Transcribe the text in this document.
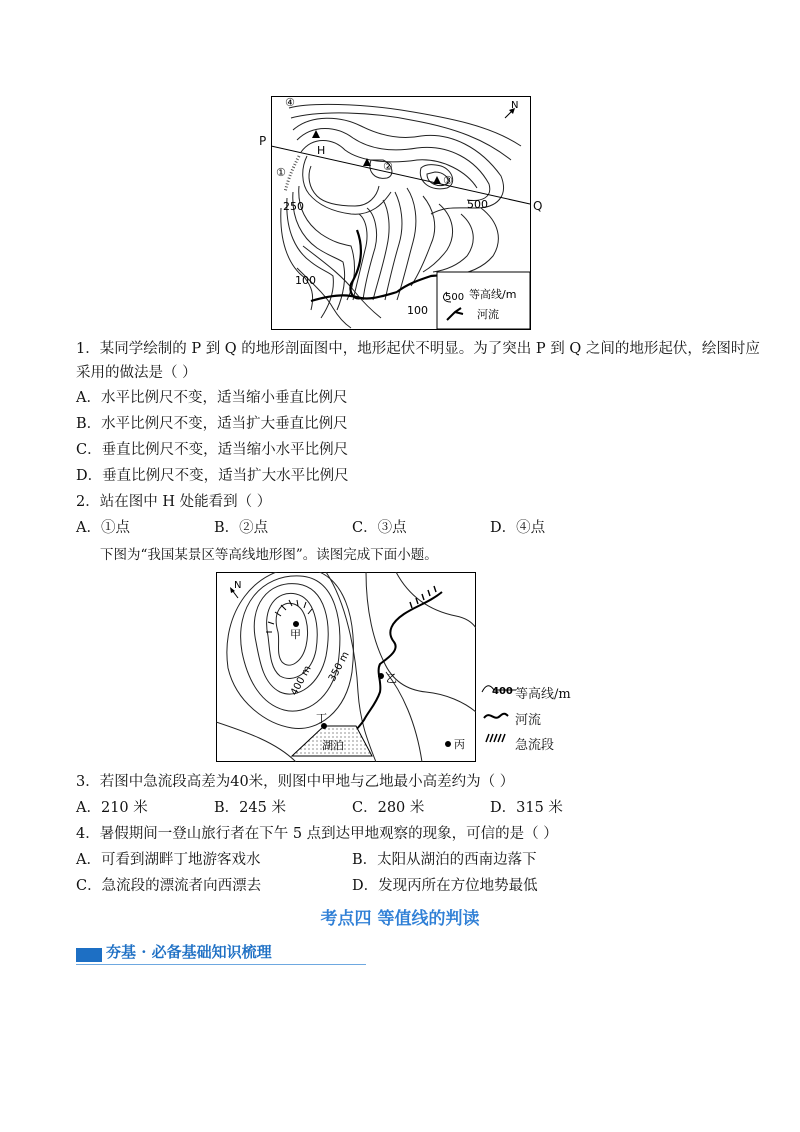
④
①	②
③
H
N
250	500
100
100
500 等高线/m
河流
P
Q
1．某同学绘制的 P 到 Q 的地形剖面图中，地形起伏不明显。为了突出 P 到 Q 之间的地形起伏，绘图时应
采用的做法是（ ）
A．水平比例尺不变，适当缩小垂直比例尺
B．水平比例尺不变，适当扩大垂直比例尺
C．垂直比例尺不变，适当缩小水平比例尺
D．垂直比例尺不变，适当扩大水平比例尺
2．站在图中 H 处能看到（ ）
A．①点	B．②点	C．③点	D．④点
下图为“我国某景区等高线地形图”。读图完成下面小题。
N
甲
乙
丁
丙
湖泊
400 m 350 m
400 等高线/m
河流
急流段
3．若图中急流段高差为40米，则图中甲地与乙地最小高差约为（ ）
A．210 米	B．245 米	C．280 米	D．315 米
4．暑假期间一登山旅行者在下午 5 点到达甲地观察的现象，可信的是（ ）
A．可看到湖畔丁地游客戏水	B．太阳从湖泊的西南边落下
C．急流段的漂流者向西漂去	D．发现丙所在方位地势最低
考点四 等值线的判读
夯基 · 必备基础知识梳理
